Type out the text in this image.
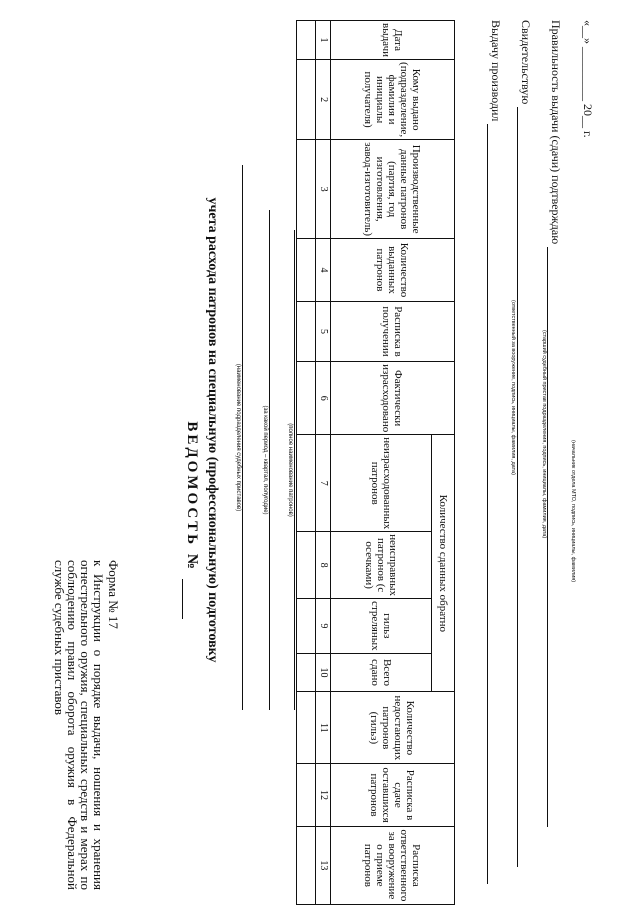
Форма № 17
к Инструкции о порядке выдачи, ношения и хранения огнестрельного оружия, специальных средств и мерах по соблюдению правил оборота оружия в Федеральной службе судебных приставов
ВЕДОМОСТЬ № учета расхода патронов на специальную (профессиональную) подготовку	(наименование подразделения судебных приставов)	(за какой период – квартал, полугодие)	(полное наименование патронов)
Дата выдачи	Кому выдано (подразделение, фамилия и инициалы получателя)	Производственные данные патронов (партия, год изготовления, завод-изготовитель)	Количество выданных патронов	Расписка в получении	Фактически израсходовано	Количество сданных обратно				Количество недостающих патронов (гильз)	Расписка в сдаче оставшихся патронов	Расписка ответственного за вооружение о приеме патронов
						неизрасходованных патронов	неисправных патронов (с осечками)	гильз стреляных	Всего сдано			
1	2	3	4	5	6	7	8	9	10	11	12	13

Выдачу производил
(ответственный за вооружение, подпись, инициалы, фамилия, дата)
Свидетельствую
(старший судебный пристав подразделения, подпись, инициалы, фамилия, дата)
Правильность выдачи (сдачи) подтверждаю
(начальник отдела МТО, подпись, инициалы, фамилия)
«__» _________ 20__ г.
